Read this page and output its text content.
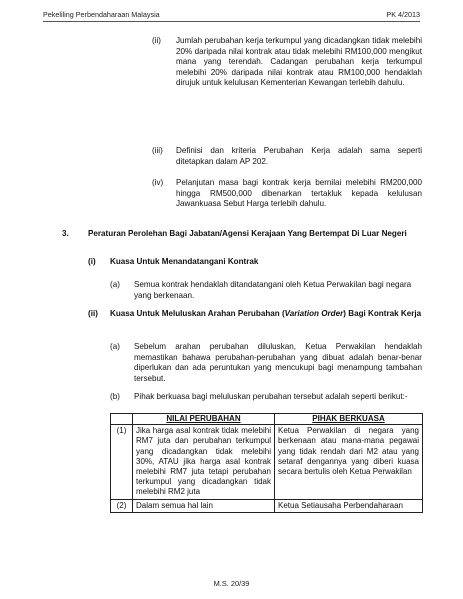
Pekeliling Perbendaharaan Malaysia	PK 4/2013
(ii) Jumlah perubahan kerja terkumpul yang dicadangkan tidak melebihi 20% daripada nilai kontrak atau tidak melebihi RM100,000 mengikut mana yang terendah. Cadangan perubahan kerja terkumpul melebihi 20% daripada nilai kontrak atau RM100,000 hendaklah dirujuk untuk kelulusan Kementerian Kewangan terlebih dahulu.
(iii) Definisi dan kriteria Perubahan Kerja adalah sama seperti ditetapkan dalam AP 202.
(iv) Pelanjutan masa bagi kontrak kerja bernilai melebihi RM200,000 hingga RM500,000 dibenarkan tertakluk kepada kelulusan Jawankuasa Sebut Harga terlebih dahulu.
3. Peraturan Perolehan Bagi Jabatan/Agensi Kerajaan Yang Bertempat Di Luar Negeri
(i) Kuasa Untuk Menandatangani Kontrak
(a) Semua kontrak hendaklah ditandatangani oleh Ketua Perwakilan bagi negara yang berkenaan.
(ii) Kuasa Untuk Meluluskan Arahan Perubahan (Variation Order) Bagi Kontrak Kerja
(a) Sebelum arahan perubahan diluluskan, Ketua Perwakilan hendaklah memastikan bahawa perubahan-perubahan yang dibuat adalah benar-benar diperlukan dan ada peruntukan yang mencukupi bagi menampung tambahan tersebut.
(b) Pihak berkuasa bagi meluluskan perubahan tersebut adalah seperti berikut:-
	NILAI PERUBAHAN	PIHAK BERKUASA
(1)	Jika harga asal kontrak tidak melebihi RM7 juta dan perubahan terkumpul yang dicadangkan tidak melebihi 30%, ATAU jika harga asal kontrak melebihi RM7 juta tetapi perubahan terkumpul yang dicadangkan tidak melebihi RM2 juta	Ketua Perwakilan di negara yang berkenaan atau mana-mana pegawai yang tidak rendah dari M2 atau yang setaraf dengannya yang diberi kuasa secara bertulis oleh Ketua Perwakilan
(2)	Dalam semua hal lain	Ketua Setiausaha Perbendaharaan
M.S. 20/39
